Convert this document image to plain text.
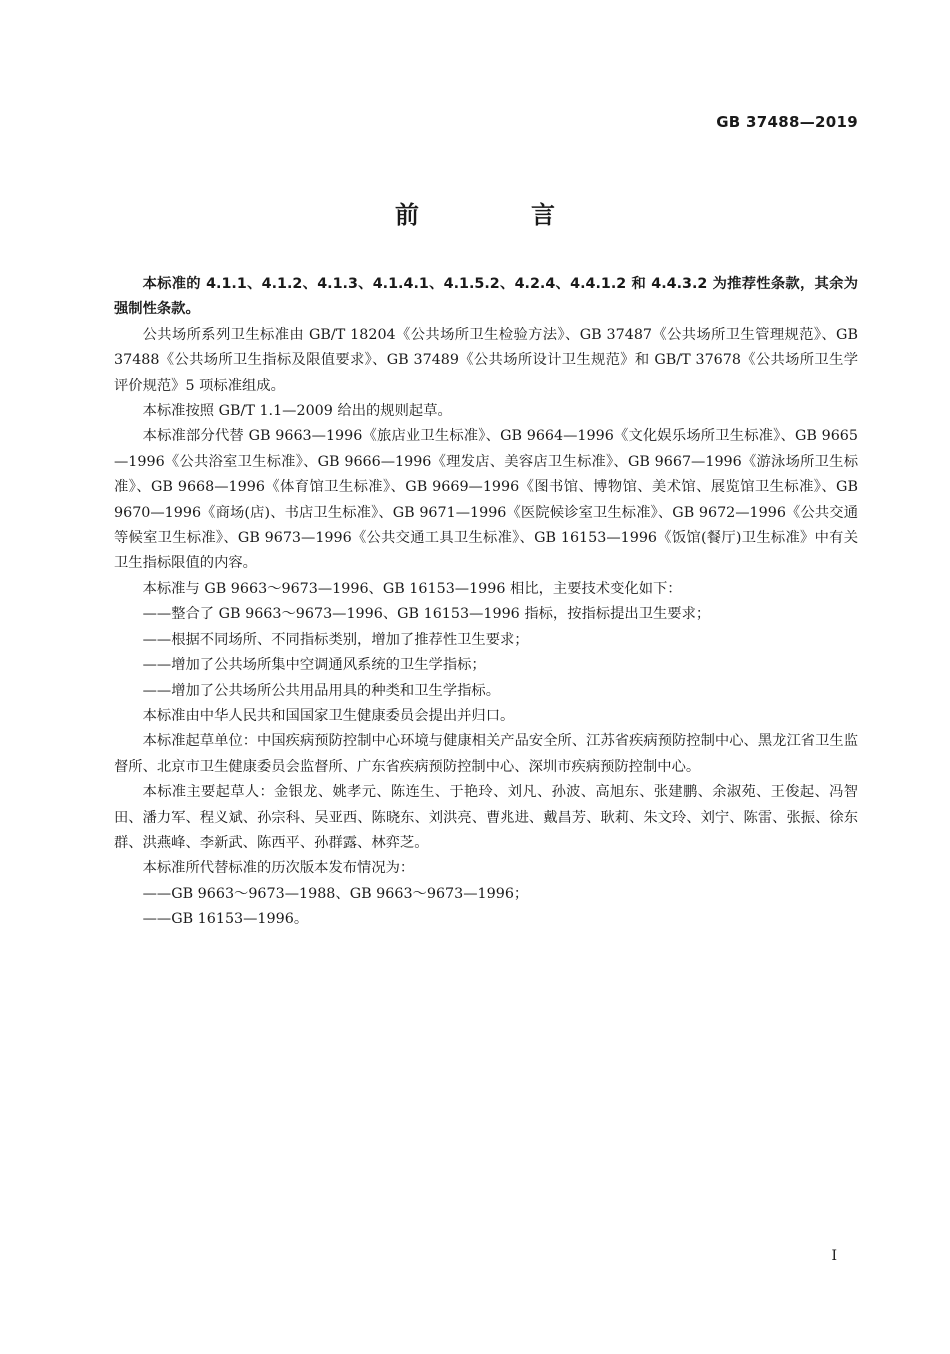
GB 37488—2019
前　言

本标准的 4.1.1、4.1.2、4.1.3、4.1.4.1、4.1.5.2、4.2.4、4.4.1.2 和 4.4.3.2 为推荐性条款，其余为强制性条款。

公共场所系列卫生标准由 GB/T 18204《公共场所卫生检验方法》、GB 37487《公共场所卫生管理规范》、GB 37488《公共场所卫生指标及限值要求》、GB 37489《公共场所设计卫生规范》和 GB/T 37678《公共场所卫生学评价规范》5 项标准组成。

本标准按照 GB/T 1.1—2009 给出的规则起草。

本标准部分代替 GB 9663—1996《旅店业卫生标准》、GB 9664—1996《文化娱乐场所卫生标准》、GB 9665—1996《公共浴室卫生标准》、GB 9666—1996《理发店、美容店卫生标准》、GB 9667—1996《游泳场所卫生标准》、GB 9668—1996《体育馆卫生标准》、GB 9669—1996《图书馆、博物馆、美术馆、展览馆卫生标准》、GB 9670—1996《商场(店)、书店卫生标准》、GB 9671—1996《医院候诊室卫生标准》、GB 9672—1996《公共交通等候室卫生标准》、GB 9673—1996《公共交通工具卫生标准》、GB 16153—1996《饭馆(餐厅)卫生标准》中有关卫生指标限值的内容。

本标准与 GB 9663～9673—1996、GB 16153—1996 相比，主要技术变化如下：

——整合了 GB 9663～9673—1996、GB 16153—1996 指标，按指标提出卫生要求；

——根据不同场所、不同指标类别，增加了推荐性卫生要求；

——增加了公共场所集中空调通风系统的卫生学指标；

——增加了公共场所公共用品用具的种类和卫生学指标。

本标准由中华人民共和国国家卫生健康委员会提出并归口。

本标准起草单位：中国疾病预防控制中心环境与健康相关产品安全所、江苏省疾病预防控制中心、黑龙江省卫生监督所、北京市卫生健康委员会监督所、广东省疾病预防控制中心、深圳市疾病预防控制中心。

本标准主要起草人：金银龙、姚孝元、陈连生、于艳玲、刘凡、孙波、高旭东、张建鹏、余淑苑、王俊起、冯智田、潘力军、程义斌、孙宗科、吴亚西、陈晓东、刘洪亮、曹兆进、戴昌芳、耿莉、朱文玲、刘宁、陈雷、张振、徐东群、洪燕峰、李新武、陈西平、孙群露、林弈芝。

本标准所代替标准的历次版本发布情况为：

——GB 9663～9673—1988、GB 9663～9673—1996；

——GB 16153—1996。

I
